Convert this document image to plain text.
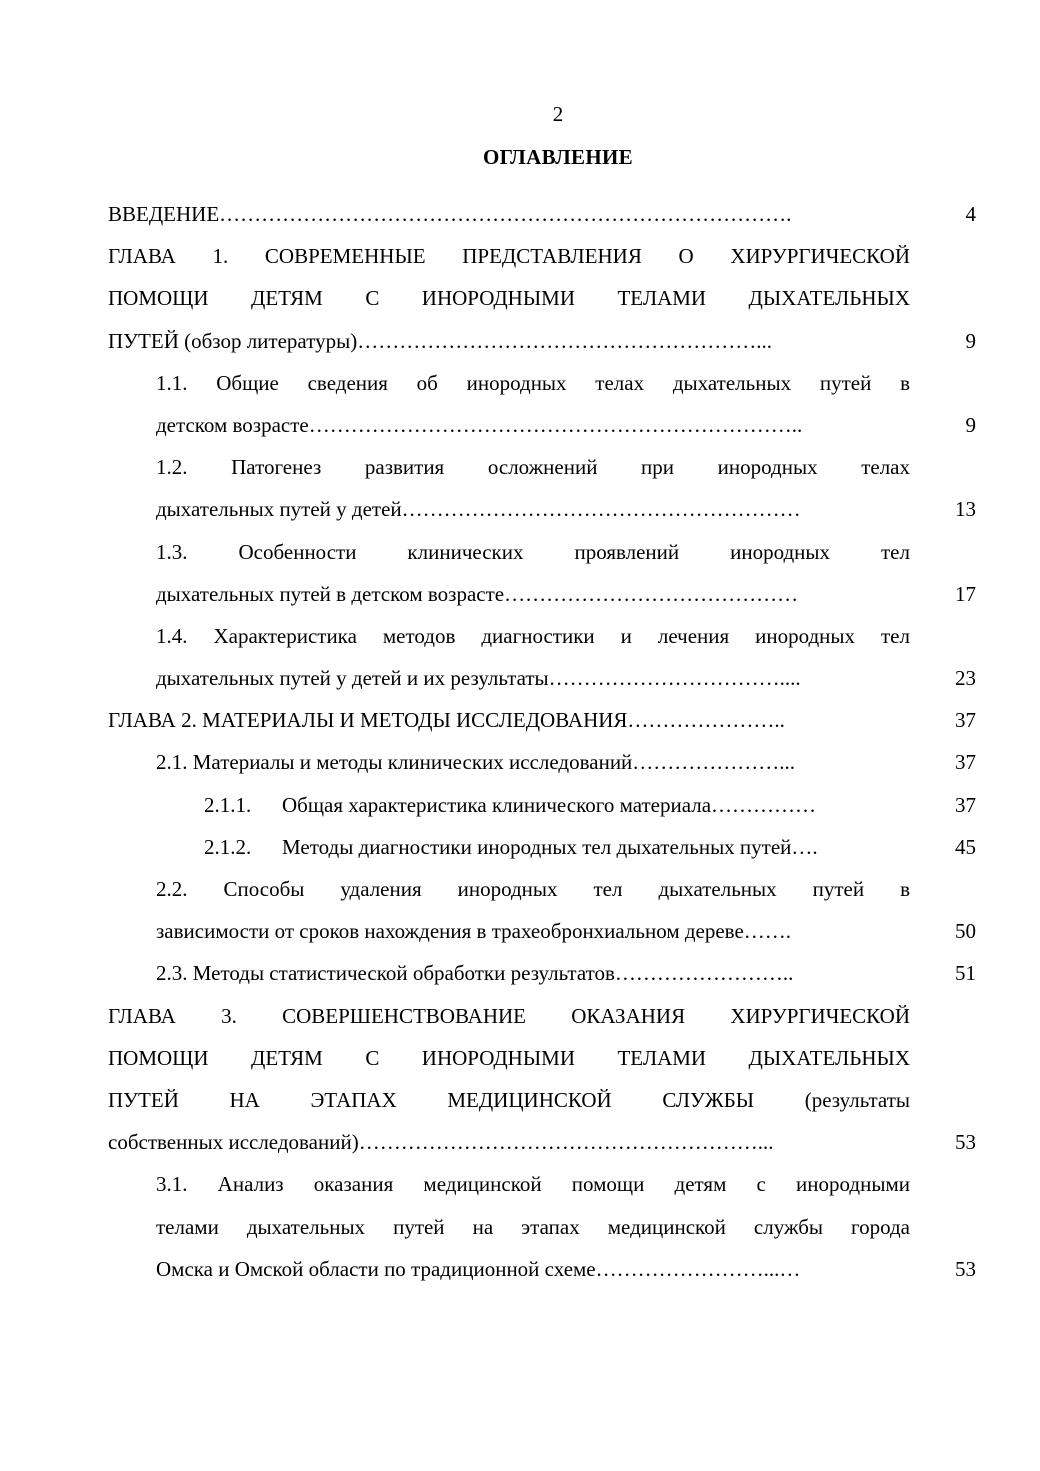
2
ОГЛАВЛЕНИЕ
ВВЕДЕНИЕ……………………………………………………………………….	4
ГЛАВА 1. СОВРЕМЕННЫЕ ПРЕДСТАВЛЕНИЯ О ХИРУРГИЧЕСКОЙ
ПОМОЩИ ДЕТЯМ С ИНОРОДНЫМИ ТЕЛАМИ ДЫХАТЕЛЬНЫХ
ПУТЕЙ (обзор литературы)…………………………………………………...	9
1.1. Общие сведения об инородных телах дыхательных путей в
детском возрасте……………………………………………………………..	9
1.2. Патогенез развития осложнений при инородных телах
дыхательных путей у детей…………………………………………………	13
1.3. Особенности клинических проявлений инородных тел
дыхательных путей в детском возрасте……………………………………	17
1.4. Характеристика методов диагностики и лечения инородных тел
дыхательных путей у детей и их результаты……………………………....	23
ГЛАВА 2. МАТЕРИАЛЫ И МЕТОДЫ ИССЛЕДОВАНИЯ…………………..	37
2.1. Материалы и методы клинических исследований…………………...	37
2.1.1. Общая характеристика клинического материала……………	37
2.1.2. Методы диагностики инородных тел дыхательных путей….	45
2.2. Способы удаления инородных тел дыхательных путей в
зависимости от сроков нахождения в трахеобронхиальном дереве…….	50
2.3. Методы статистической обработки результатов……………………..	51
ГЛАВА 3. СОВЕРШЕНСТВОВАНИЕ ОКАЗАНИЯ ХИРУРГИЧЕСКОЙ
ПОМОЩИ ДЕТЯМ С ИНОРОДНЫМИ ТЕЛАМИ ДЫХАТЕЛЬНЫХ
ПУТЕЙ НА ЭТАПАХ МЕДИЦИНСКОЙ СЛУЖБЫ (результаты
собственных исследований)…………………………………………………...	53
3.1. Анализ оказания медицинской помощи детям с инородными
телами дыхательных путей на этапах медицинской службы города
Омска и Омской области по традиционной схеме……………………...…	53
